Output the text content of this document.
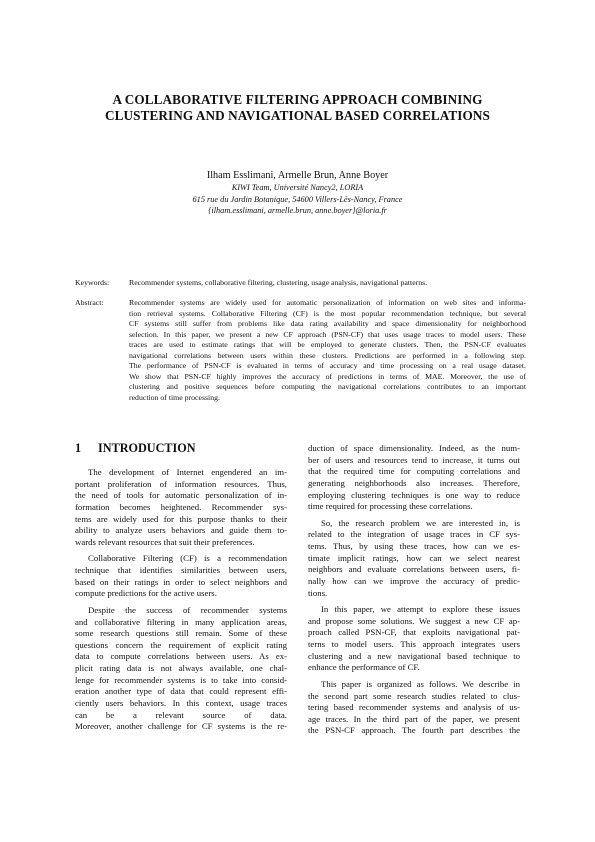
A COLLABORATIVE FILTERING APPROACH COMBINING
CLUSTERING AND NAVIGATIONAL BASED CORRELATIONS
Ilham Esslimani, Armelle Brun, Anne Boyer
KIWI Team, Université Nancy2, LORIA
615 rue du Jardin Botanique, 54600 Villers-Lès-Nancy, France
{ilham.esslimani, armelle.brun, anne.boyer}@loria.fr
Keywords:	Recommender systems, collaborative filtering, clustering, usage analysis, navigational patterns.
Abstract:	Recommender systems are widely used for automatic personalization of information on web sites and informa-
tion retrieval systems. Collaborative Filtering (CF) is the most popular recommendation technique, but several
CF systems still suffer from problems like data rating availability and space dimensionality for neighborhood
selection. In this paper, we present a new CF approach (PSN-CF) that uses usage traces to model users. These
traces are used to estimate ratings that will be employed to generate clusters. Then, the PSN-CF evaluates
navigational correlations between users within these clusters. Predictions are performed in a following step.
The performance of PSN-CF is evaluated in terms of accuracy and time processing on a real usage dataset.
We show that PSN-CF highly improves the accuracy of predictions in terms of MAE. Moreover, the use of
clustering and positive sequences before computing the navigational correlations contributes to an important
reduction of time processing.
1 INTRODUCTION
The development of Internet engendered an im-
portant proliferation of information resources. Thus,
the need of tools for automatic personalization of in-
formation becomes heightened. Recommender sys-
tems are widely used for this purpose thanks to their
ability to analyze users behaviors and guide them to-
wards relevant resources that suit their preferences.
Collaborative Filtering (CF) is a recommendation
technique that identifies similarities between users,
based on their ratings in order to select neighbors and
compute predictions for the active users.
Despite the success of recommender systems
and collaborative filtering in many application areas,
some research questions still remain. Some of these
questions concern the requirement of explicit rating
data to compute correlations between users. As ex-
plicit rating data is not always available, one chal-
lenge for recommender systems is to take into consid-
eration another type of data that could represent effi-
ciently users behaviors. In this context, usage traces
can be a relevant source of data.
Moreover, another challenge for CF systems is the re-
duction of space dimensionality. Indeed, as the num-
ber of users and resources tend to increase, it turns out
that the required time for computing correlations and
generating neighborhoods also increases. Therefore,
employing clustering techniques is one way to reduce
time required for processing these correlations.
So, the research problem we are interested in, is
related to the integration of usage traces in CF sys-
tems. Thus, by using these traces, how can we es-
timate implicit ratings, how can we select nearest
neighbors and evaluate correlations between users, fi-
nally how can we improve the accuracy of predic-
tions.
In this paper, we attempt to explore these issues
and propose some solutions. We suggest a new CF ap-
proach called PSN-CF, that exploits navigational pat-
terns to model users. This approach integrates users
clustering and a new navigational based technique to
enhance the performance of CF.
This paper is organized as follows. We describe in
the second part some research studies related to clus-
tering based recommender systems and analysis of us-
age traces. In the third part of the paper, we present
the PSN-CF approach. The fourth part describes the
